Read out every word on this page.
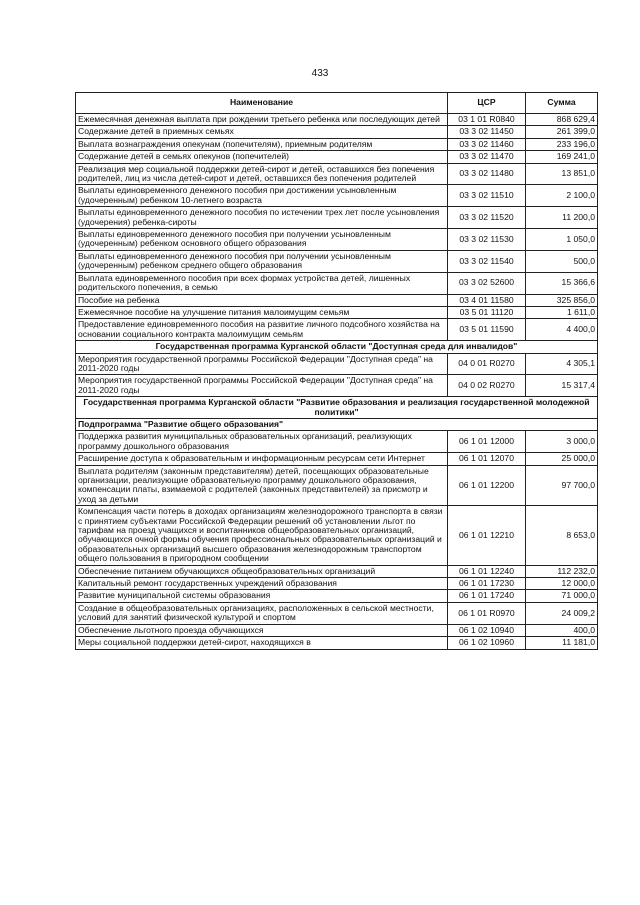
433
Наименование	ЦСР	Сумма
Ежемесячная денежная выплата при рождении третьего ребенка или последующих детей	03 1 01 R0840	868 629,4
Содержание детей в приемных семьях	03 3 02 11450	261 399,0
Выплата вознаграждения опекунам (попечителям), приемным родителям	03 3 02 11460	233 196,0
Содержание детей в семьях опекунов (попечителей)	03 3 02 11470	169 241,0
Реализация мер социальной поддержки детей-сирот и детей, оставшихся без попечения родителей, лиц из числа детей-сирот и детей, оставшихся без попечения родителей	03 3 02 11480	13 851,0
Выплаты единовременного денежного пособия при достижении усыновленным (удочеренным) ребенком 10-летнего возраста	03 3 02 11510	2 100,0
Выплаты единовременного денежного пособия по истечении трех лет после усыновления (удочерения) ребенка-сироты	03 3 02 11520	11 200,0
Выплаты единовременного денежного пособия при получении усыновленным (удочеренным) ребенком основного общего образования	03 3 02 11530	1 050,0
Выплаты единовременного денежного пособия при получении усыновленным (удочеренным) ребенком среднего общего образования	03 3 02 11540	500,0
Выплата единовременного пособия при всех формах устройства детей, лишенных родительского попечения, в семью	03 3 02 52600	15 366,6
Пособие на ребенка	03 4 01 11580	325 856,0
Ежемесячное пособие на улучшение питания малоимущим семьям	03 5 01 11120	1 611,0
Предоставление единовременного пособия на развитие личного подсобного хозяйства на основании социального контракта малоимущим семьям	03 5 01 11590	4 400,0
Государственная программа Курганской области "Доступная среда для инвалидов"		
Мероприятия государственной программы Российской Федерации "Доступная среда" на 2011-2020 годы	04 0 01 R0270	4 305,1
Мероприятия государственной программы Российской Федерации "Доступная среда" на 2011-2020 годы	04 0 02 R0270	15 317,4
Государственная программа Курганской области "Развитие образования и реализация государственной молодежной политики"		
Подпрограмма "Развитие общего образования"		
Поддержка развития муниципальных образовательных организаций, реализующих программу дошкольного образования	06 1 01 12000	3 000,0
Расширение доступа к образовательным и информационным ресурсам сети Интернет	06 1 01 12070	25 000,0
Выплата родителям (законным представителям) детей, посещающих образовательные организации, реализующие образовательную программу дошкольного образования, компенсации платы, взимаемой с родителей (законных представителей) за присмотр и уход за детьми	06 1 01 12200	97 700,0
Компенсация части потерь в доходах организациям железнодорожного транспорта в связи с принятием субъектами Российской Федерации решений об установлении льгот по тарифам на проезд учащихся и воспитанников общеобразовательных организаций, обучающихся очной формы обучения профессиональных образовательных организаций и образовательных организаций высшего образования железнодорожным транспортом общего пользования в пригородном сообщении	06 1 01 12210	8 653,0
Обеспечение питанием обучающихся общеобразовательных организаций	06 1 01 12240	112 232,0
Капитальный ремонт государственных учреждений образования	06 1 01 17230	12 000,0
Развитие муниципальной системы образования	06 1 01 17240	71 000,0
Создание в общеобразовательных организациях, расположенных в сельской местности, условий для занятий физической культурой и спортом	06 1 01 R0970	24 009,2
Обеспечение льготного проезда обучающихся	06 1 02 10940	400,0
Меры социальной поддержки детей-сирот, находящихся в	06 1 02 10960	11 181,0
